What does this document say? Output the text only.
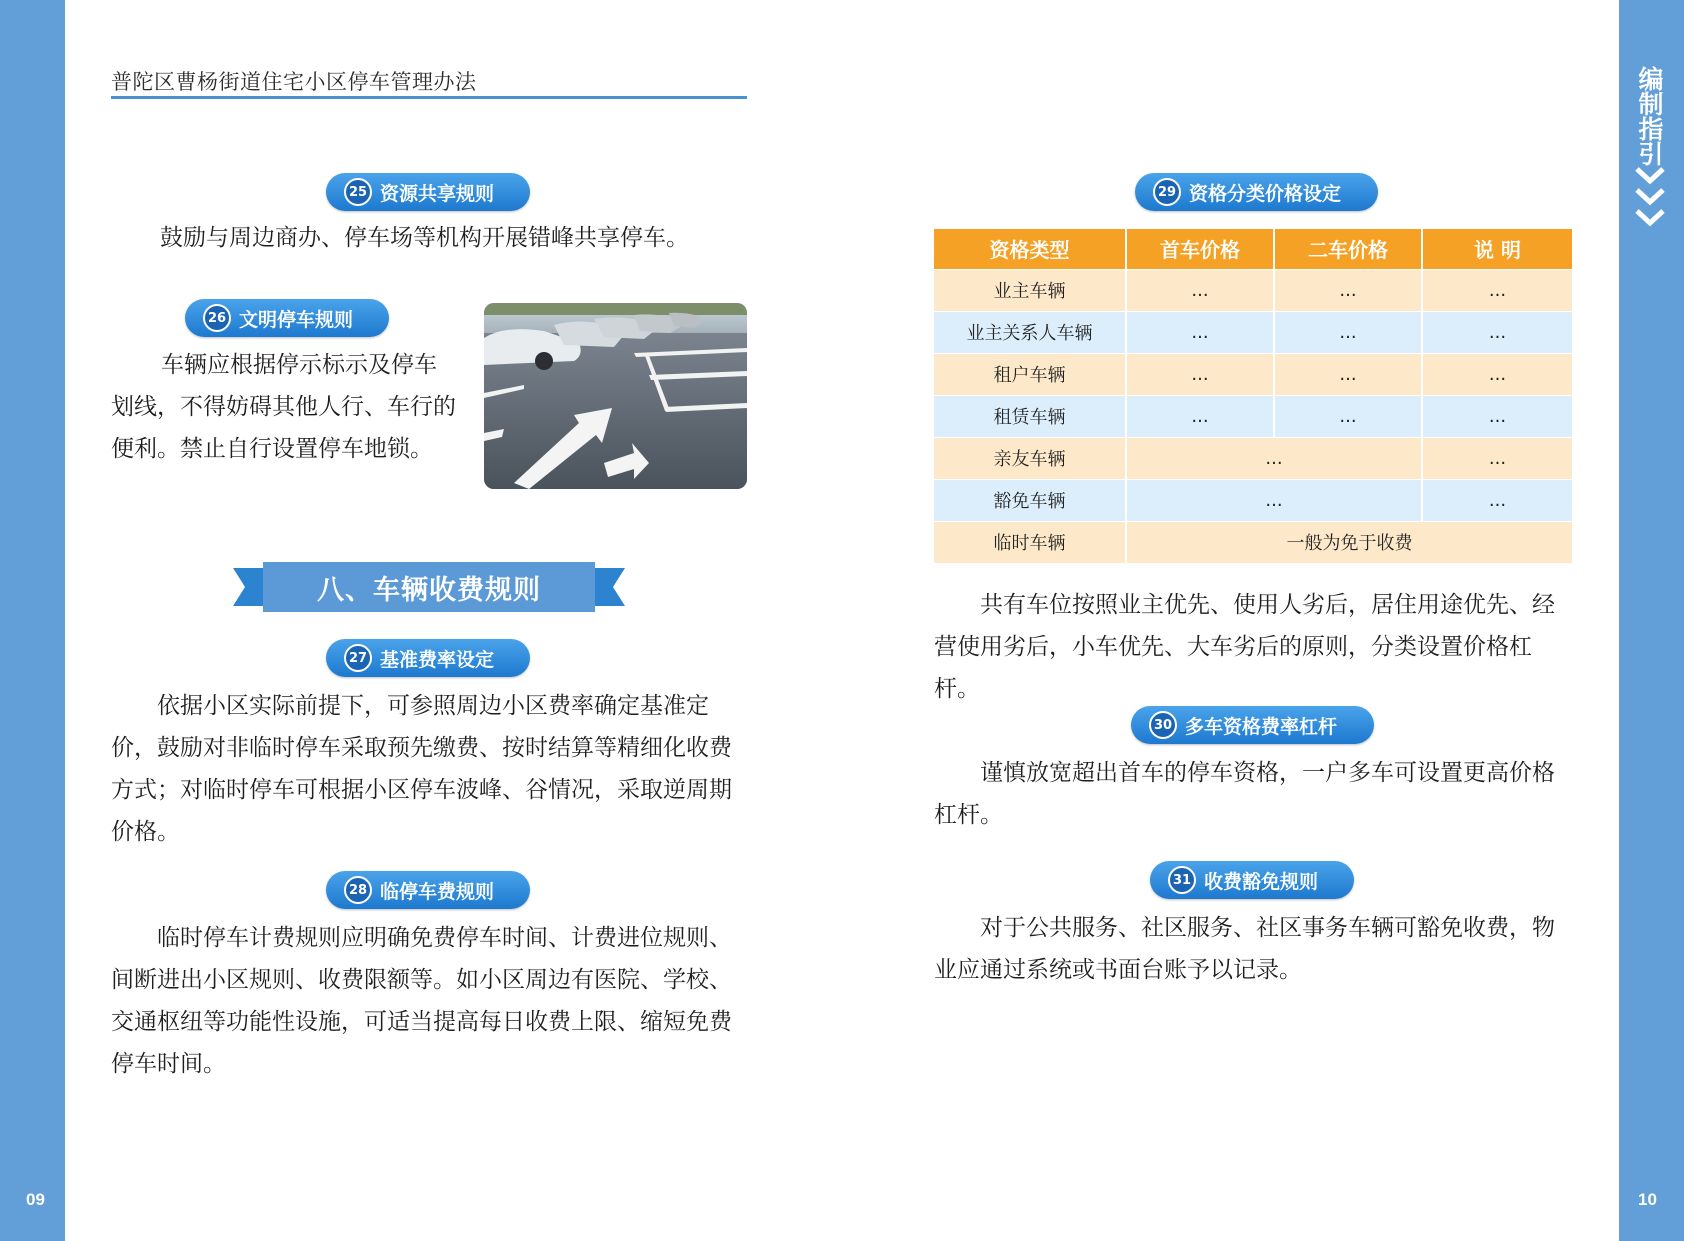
09	10
编制指引
普陀区曹杨街道住宅小区停车管理办法
25 资源共享规则
鼓励与周边商办、停车场等机构开展错峰共享停车。
26 文明停车规则
车辆应根据停示标示及停车
划线，不得妨碍其他人行、车行的
便利。禁止自行设置停车地锁。
八、车辆收费规则
27 基准费率设定
依据小区实际前提下，可参照周边小区费率确定基准定价，鼓励对非临时停车采取预先缴费、按时结算等精细化收费方式；对临时停车可根据小区停车波峰、谷情况，采取逆周期价格。
28 临停车费规则
临时停车计费规则应明确免费停车时间、计费进位规则、间断进出小区规则、收费限额等。如小区周边有医院、学校、交通枢纽等功能性设施，可适当提高每日收费上限、缩短免费停车时间。
29 资格分类价格设定
资格类型	首车价格	二车价格	说 明
业主车辆	...	...	...
业主关系人车辆	...	...	...
租户车辆	...	...	...
租赁车辆	...	...	...
亲友车辆	...		...
豁免车辆	...		...
临时车辆	一般为免于收费		
共有车位按照业主优先、使用人劣后，居住用途优先、经营使用劣后，小车优先、大车劣后的原则，分类设置价格杠杆。
30 多车资格费率杠杆
谨慎放宽超出首车的停车资格，一户多车可设置更高价格杠杆。
31 收费豁免规则
对于公共服务、社区服务、社区事务车辆可豁免收费，物业应通过系统或书面台账予以记录。
